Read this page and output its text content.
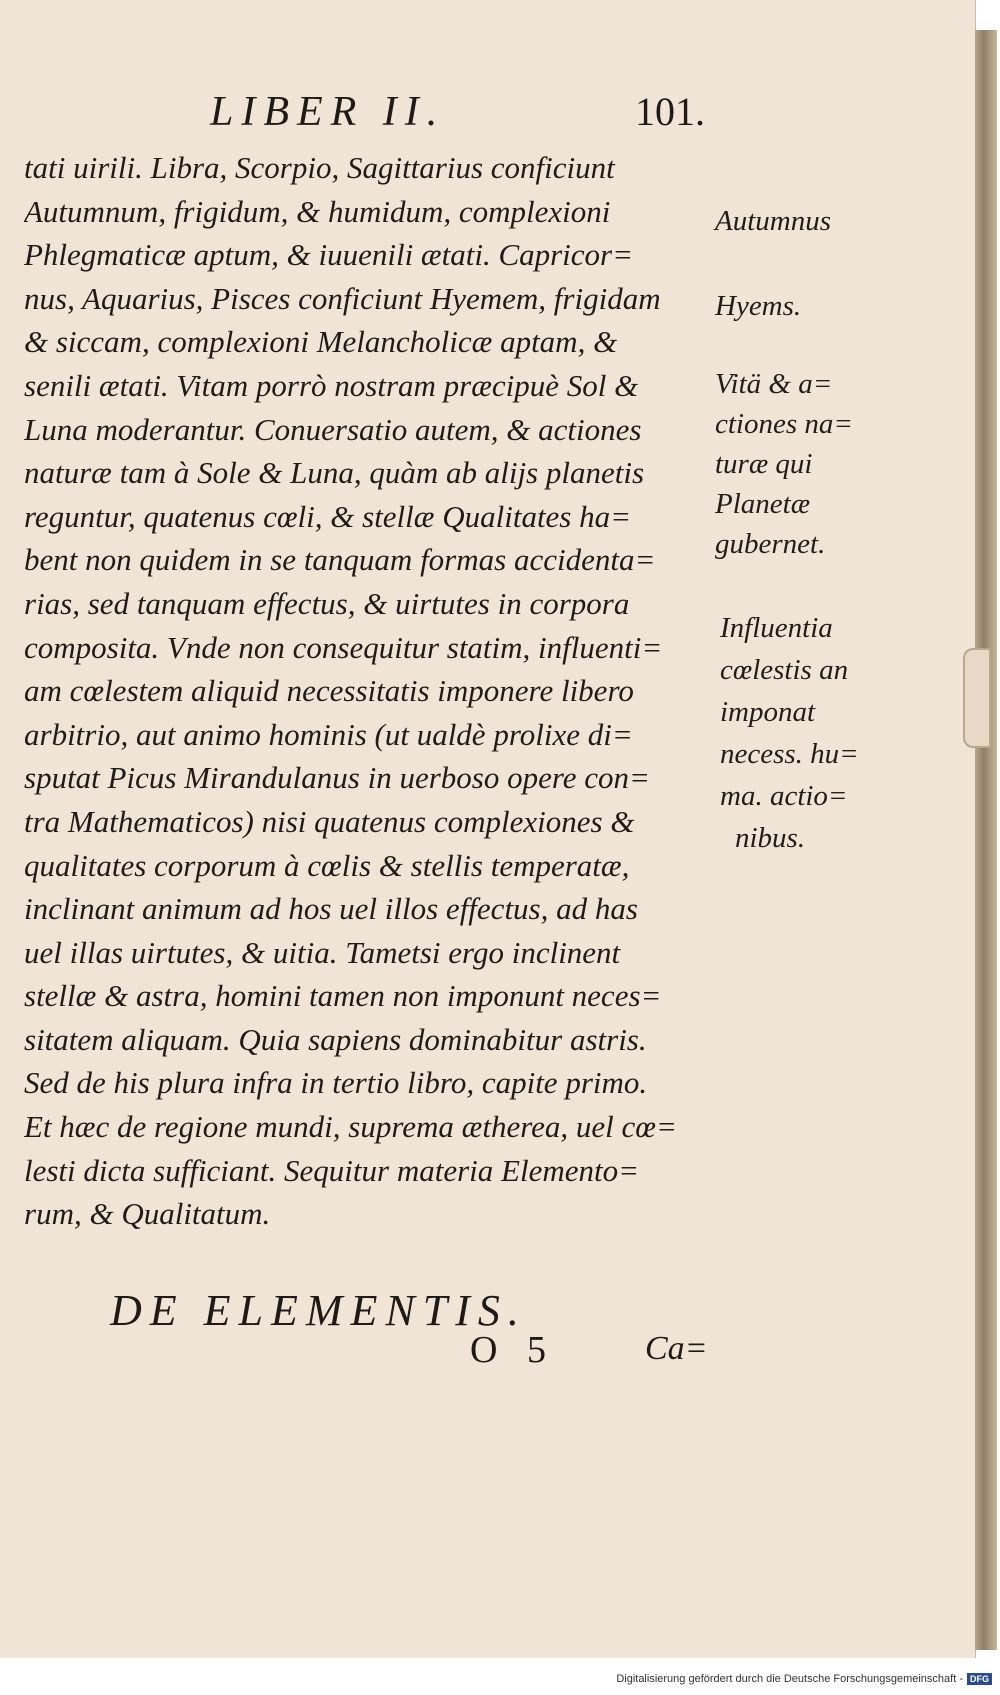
LIBER II.	101.
tati uirili. Libra, Scorpio, Sagittarius conficiunt
Autumnum, frigidum, & humidum, complexioni
Phlegmaticæ aptum, & iuuenili ætati. Capricor=
nus, Aquarius, Pisces conficiunt Hyemem, frigidam
& siccam, complexioni Melancholicæ aptam, &
senili ætati. Vitam porrò nostram præcipuè Sol &
Luna moderantur. Conuersatio autem, & actiones
naturæ tam à Sole & Luna, quàm ab alijs planetis
reguntur, quatenus cœli, & stellæ Qualitates ha=
bent non quidem in se tanquam formas accidenta=
rias, sed tanquam effectus, & uirtutes in corpora
composita. Vnde non consequitur statim, influenti=
am cœlestem aliquid necessitatis imponere libero
arbitrio, aut animo hominis (ut ualdè prolixe di=
sputat Picus Mirandulanus in uerboso opere con=
tra Mathematicos) nisi quatenus complexiones &
qualitates corporum à cœlis & stellis temperatæ,
inclinant animum ad hos uel illos effectus, ad has
uel illas uirtutes, & uitia. Tametsi ergo inclinent
stellæ & astra, homini tamen non imponunt neces=
sitatem aliquam. Quia sapiens dominabitur astris.
Sed de his plura infra in tertio libro, capite primo.
Et hæc de regione mundi, suprema ætherea, uel cœ=
lesti dicta sufficiant. Sequitur materia Elemento=
rum, & Qualitatum.
Autumnus
Hyems.
Vitä & a=
ctiones na=
turæ qui
Planetæ
gubernet.
Influentia
cœlestis an
imponat
necess. hu=
ma. actio=
nibus.
DE ELEMENTIS.
O 5	Ca=
Digitalisierung gefördert durch die Deutsche Forschungsgemeinschaft - DFG
